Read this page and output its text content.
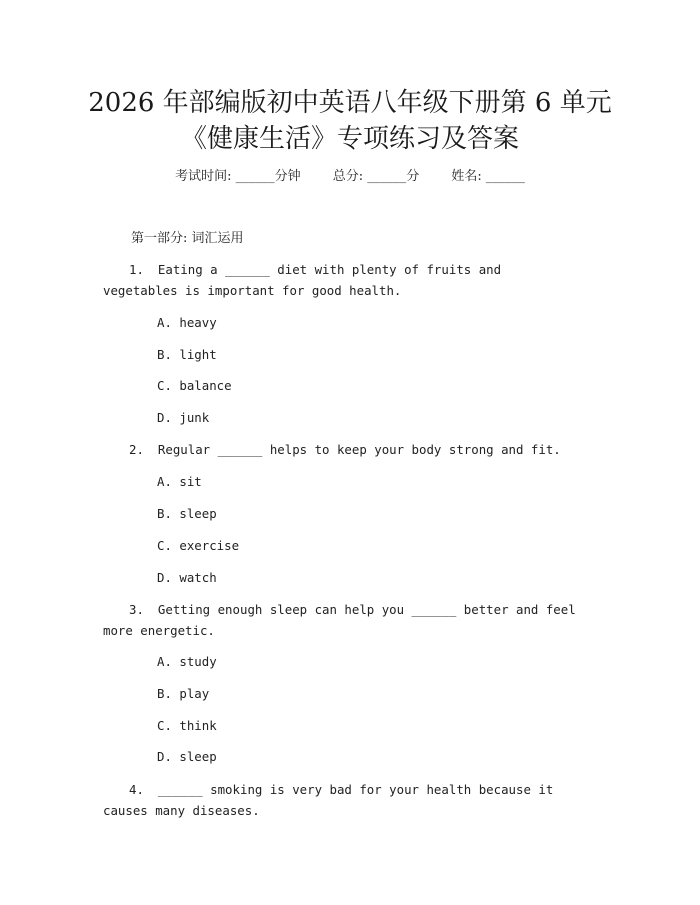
2026 年部编版初中英语八年级下册第 6 单元
《健康生活》专项练习及答案
考试时间: ______分钟 总分: ______分 姓名: ______
第一部分: 词汇运用
1. Eating a ______ diet with plenty of fruits and vegetables is important for good health.
A. heavy
B. light
C. balance
D. junk
2. Regular ______ helps to keep your body strong and fit.
A. sit
B. sleep
C. exercise
D. watch
3. Getting enough sleep can help you ______ better and feel more energetic.
A. study
B. play
C. think
D. sleep
4. ______ smoking is very bad for your health because it causes many diseases.
